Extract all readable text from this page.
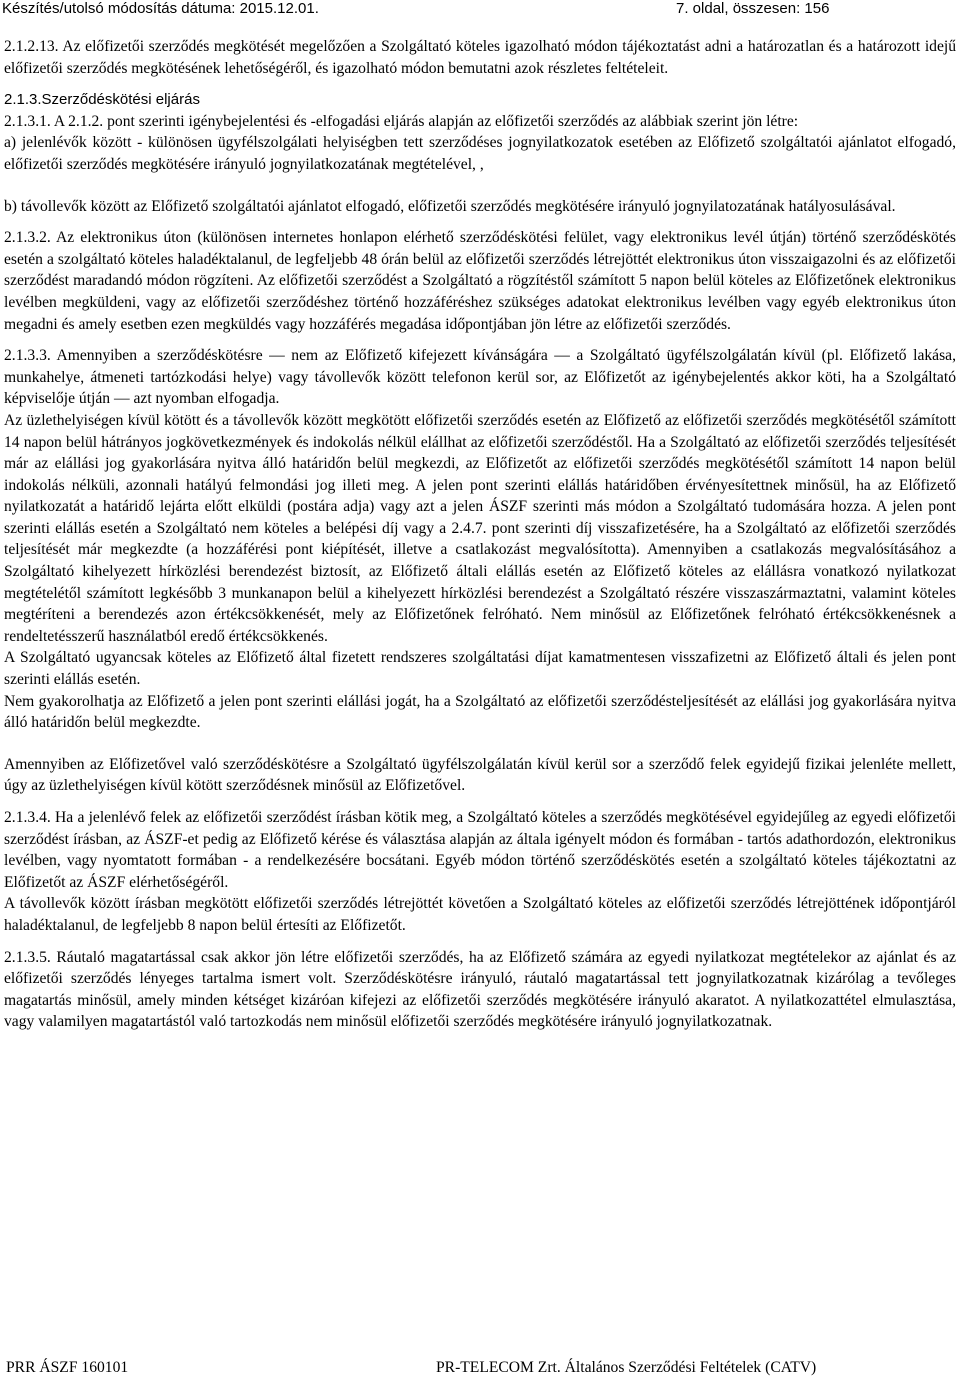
Készítés/utolsó módosítás dátuma: 2015.12.01.	7. oldal, összesen: 156

2.1.2.13. Az előfizetői szerződés megkötését megelőzően a Szolgáltató köteles igazolható módon tájékoztatást adni a határozatlan és a határozott idejű előfizetői szerződés megkötésének lehetőségéről, és igazolható módon bemutatni azok részletes feltételeit.

2.1.3.Szerződéskötési eljárás

2.1.3.1. A 2.1.2. pont szerinti igénybejelentési és -elfogadási eljárás alapján az előfizetői szerződés az alábbiak szerint jön létre:

a) jelenlévők között - különösen ügyfélszolgálati helyiségben tett szerződéses jognyilatkozatok esetében az Előfizető szolgáltatói ajánlatot elfogadó, előfizetői szerződés megkötésére irányuló jognyilatkozatának megtételével, ,

b) távollevők között az Előfizető szolgáltatói ajánlatot elfogadó, előfizetői szerződés megkötésére irányuló jognyilatozatának hatályosulásával.

2.1.3.2. Az elektronikus úton (különösen internetes honlapon elérhető szerződéskötési felület, vagy elektronikus levél útján) történő szerződéskötés esetén a szolgáltató köteles haladéktalanul, de legfeljebb 48 órán belül az előfizetői szerződés létrejöttét elektronikus úton visszaigazolni és az előfizetői szerződést maradandó módon rögzíteni. Az előfizetői szerződést a Szolgáltató a rögzítéstől számított 5 napon belül köteles az Előfizetőnek elektronikus levélben megküldeni, vagy az előfizetői szerződéshez történő hozzáféréshez szükséges adatokat elektronikus levélben vagy egyéb elektronikus úton megadni és amely esetben ezen megküldés vagy hozzáférés megadása időpontjában jön létre az előfizetői szerződés.

2.1.3.3. Amennyiben a szerződéskötésre — nem az Előfizető kifejezett kívánságára — a Szolgáltató ügyfélszolgálatán kívül (pl. Előfizető lakása, munkahelye, átmeneti tartózkodási helye) vagy távollevők között telefonon kerül sor, az Előfizetőt az igénybejelentés akkor köti, ha a Szolgáltató képviselője útján — azt nyomban elfogadja.

Az üzlethelyiségen kívül kötött és a távollevők között megkötött előfizetői szerződés esetén az Előfizető az előfizetői szerződés megkötésétől számított 14 napon belül hátrányos jogkövetkezmények és indokolás nélkül elállhat az előfizetői szerződéstől. Ha a Szolgáltató az előfizetői szerződés teljesítését már az elállási jog gyakorlására nyitva álló határidőn belül megkezdi, az Előfizetőt az előfizetői szerződés megkötésétől számított 14 napon belül indokolás nélküli, azonnali hatályú felmondási jog illeti meg. A jelen pont szerinti elállás határidőben érvényesítettnek minősül, ha az Előfizető nyilatkozatát a határidő lejárta előtt elküldi (postára adja) vagy azt a jelen ÁSZF szerinti más módon a Szolgáltató tudomására hozza. A jelen pont szerinti elállás esetén a Szolgáltató nem köteles a belépési díj vagy a 2.4.7. pont szerinti díj visszafizetésére, ha a Szolgáltató az előfizetői szerződés teljesítését már megkezdte (a hozzáférési pont kiépítését, illetve a csatlakozást megvalósította). Amennyiben a csatlakozás megvalósításához a Szolgáltató kihelyezett hírközlési berendezést biztosít, az Előfizető általi elállás esetén az Előfizető köteles az elállásra vonatkozó nyilatkozat megtételétől számított legkésőbb 3 munkanapon belül a kihelyezett hírközlési berendezést a Szolgáltató részére visszaszármaztatni, valamint köteles megtéríteni a berendezés azon értékcsökkenését, mely az Előfizetőnek felróható. Nem minősül az Előfizetőnek felróható értékcsökkenésnek a rendeltetésszerű használatból eredő értékcsökkenés.

A Szolgáltató ugyancsak köteles az Előfizető által fizetett rendszeres szolgáltatási díjat kamatmentesen visszafizetni az Előfizető általi és jelen pont szerinti elállás esetén.

Nem gyakorolhatja az Előfizető a jelen pont szerinti elállási jogát, ha a Szolgáltató az előfizetői szerződésteljesítését az elállási jog gyakorlására nyitva álló határidőn belül megkezdte.

Amennyiben az Előfizetővel való szerződéskötésre a Szolgáltató ügyfélszolgálatán kívül kerül sor a szerződő felek egyidejű fizikai jelenléte mellett, úgy az üzlethelyiségen kívül kötött szerződésnek minősül az Előfizetővel.

2.1.3.4. Ha a jelenlévő felek az előfizetői szerződést írásban kötik meg, a Szolgáltató köteles a szerződés megkötésével egyidejűleg az egyedi előfizetői szerződést írásban, az ÁSZF-et pedig az Előfizető kérése és választása alapján az általa igényelt módon és formában - tartós adathordozón, elektronikus levélben, vagy nyomtatott formában - a rendelkezésére bocsátani. Egyéb módon történő szerződéskötés esetén a szolgáltató köteles tájékoztatni az Előfizetőt az ÁSZF elérhetőségéről.

A távollevők között írásban megkötött előfizetői szerződés létrejöttét követően a Szolgáltató köteles az előfizetői szerződés létrejöttének időpontjáról haladéktalanul, de legfeljebb 8 napon belül értesíti az Előfizetőt.

2.1.3.5. Ráutaló magatartással csak akkor jön létre előfizetői szerződés, ha az Előfizető számára az egyedi nyilatkozat megtételekor az ajánlat és az előfizetői szerződés lényeges tartalma ismert volt. Szerződéskötésre irányuló, ráutaló magatartással tett jognyilatkozatnak kizárólag a tevőleges magatartás minősül, amely minden kétséget kizáróan kifejezi az előfizetői szerződés megkötésére irányuló akaratot. A nyilatkozattétel elmulasztása, vagy valamilyen magatartástól való tartozkodás nem minősül előfizetői szerződés megkötésére irányuló jognyilatkozatnak.

PRR ÁSZF 160101	PR-TELECOM Zrt. Általános Szerződési Feltételek (CATV)
